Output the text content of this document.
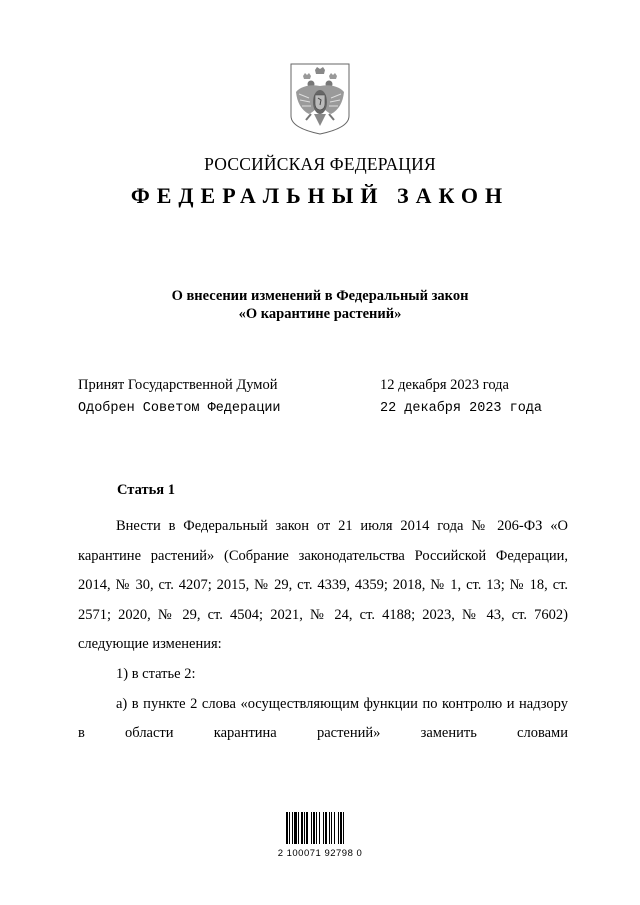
РОССИЙСКАЯ ФЕДЕРАЦИЯ
ФЕДЕРАЛЬНЫЙ ЗАКОН
О внесении изменений в Федеральный закон
«О карантине растений»
Принят Государственной Думой	12 декабря 2023 года
Одобрен Советом Федерации	22 декабря 2023 года
Статья 1

Внести в Федеральный закон от 21 июля 2014 года № 206-ФЗ «О карантине растений» (Собрание законодательства Российской Федерации, 2014, № 30, ст. 4207; 2015, № 29, ст. 4339, 4359; 2018, № 1, ст. 13; № 18, ст. 2571; 2020, № 29, ст. 4504; 2021, № 24, ст. 4188; 2023, № 43, ст. 7602) следующие изменения:

1) в статье 2:

а) в пункте 2 слова «осуществляющим функции по контролю и надзору в области карантина растений» заменить словами

2 100071 92798 0
